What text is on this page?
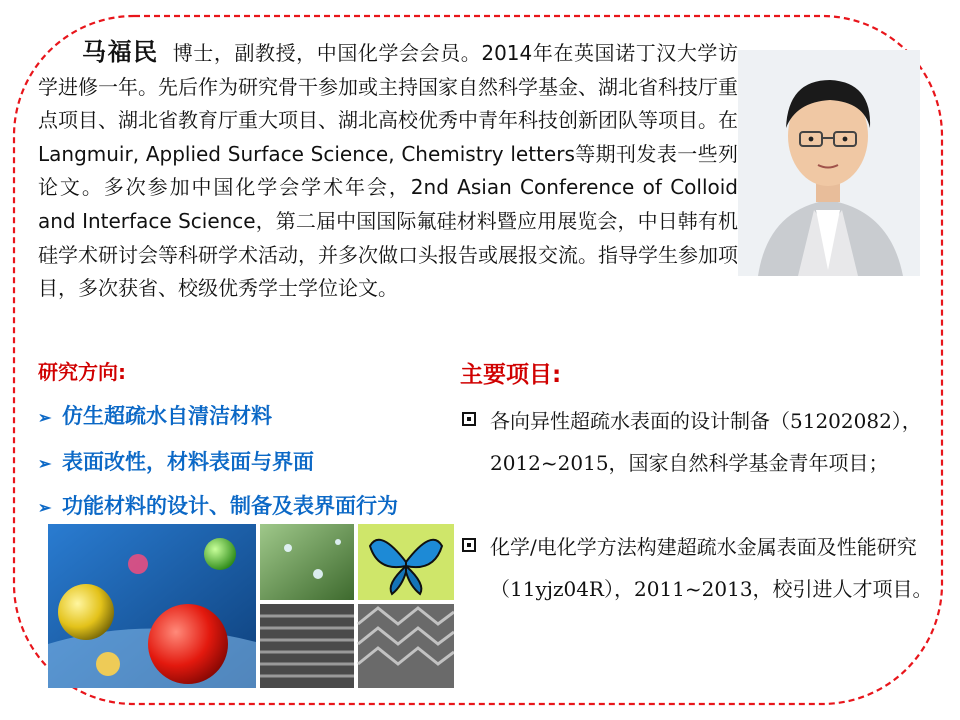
马福民 博士，副教授，中国化学会会员。2014年在英国诺丁汉大学访学进修一年。先后作为研究骨干参加或主持国家自然科学基金、湖北省科技厅重点项目、湖北省教育厅重大项目、湖北高校优秀中青年科技创新团队等项目。在Langmuir, Applied Surface Science, Chemistry letters等期刊发表一些列论文。多次参加中国化学会学术年会，2nd Asian Conference of Colloid and Interface Science，第二届中国国际氟硅材料暨应用展览会，中日韩有机硅学术研讨会等科研学术活动，并多次做口头报告或展报交流。指导学生参加项目，多次获省、校级优秀学士学位论文。

研究方向:
➢ 仿生超疏水自清洁材料
➢ 表面改性，材料表面与界面
➢ 功能材料的设计、制备及表界面行为
主要项目:
各向异性超疏水表面的设计制备（51202082），2012~2015，国家自然科学基金青年项目；
化学/电化学方法构建超疏水金属表面及性能研究（11yjz04R），2011~2013，校引进人才项目。
